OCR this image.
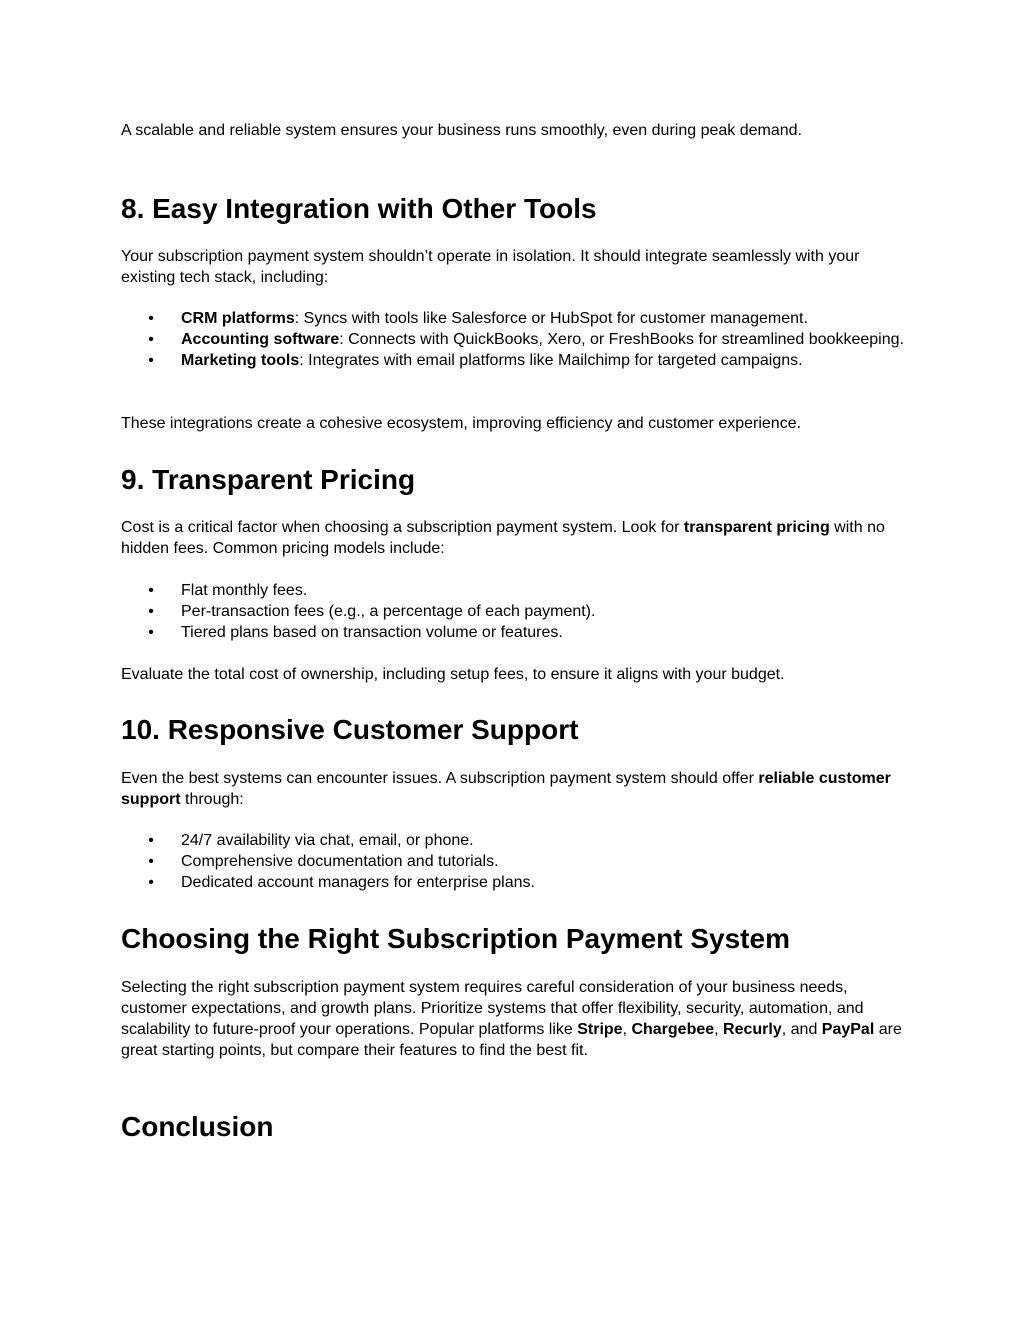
A scalable and reliable system ensures your business runs smoothly, even during peak demand.

8. Easy Integration with Other Tools

Your subscription payment system shouldn’t operate in isolation. It should integrate seamlessly with your existing tech stack, including:

• CRM platforms: Syncs with tools like Salesforce or HubSpot for customer management.
• Accounting software: Connects with QuickBooks, Xero, or FreshBooks for streamlined bookkeeping.
• Marketing tools: Integrates with email platforms like Mailchimp for targeted campaigns.

These integrations create a cohesive ecosystem, improving efficiency and customer experience.

9. Transparent Pricing

Cost is a critical factor when choosing a subscription payment system. Look for transparent pricing with no hidden fees. Common pricing models include:

• Flat monthly fees.
• Per-transaction fees (e.g., a percentage of each payment).
• Tiered plans based on transaction volume or features.

Evaluate the total cost of ownership, including setup fees, to ensure it aligns with your budget.

10. Responsive Customer Support

Even the best systems can encounter issues. A subscription payment system should offer reliable customer support through:

• 24/7 availability via chat, email, or phone.
• Comprehensive documentation and tutorials.
• Dedicated account managers for enterprise plans.
Choosing the Right Subscription Payment System

Selecting the right subscription payment system requires careful consideration of your business needs, customer expectations, and growth plans. Prioritize systems that offer flexibility, security, automation, and scalability to future-proof your operations. Popular platforms like Stripe, Chargebee, Recurly, and PayPal are great starting points, but compare their features to find the best fit.

Conclusion
